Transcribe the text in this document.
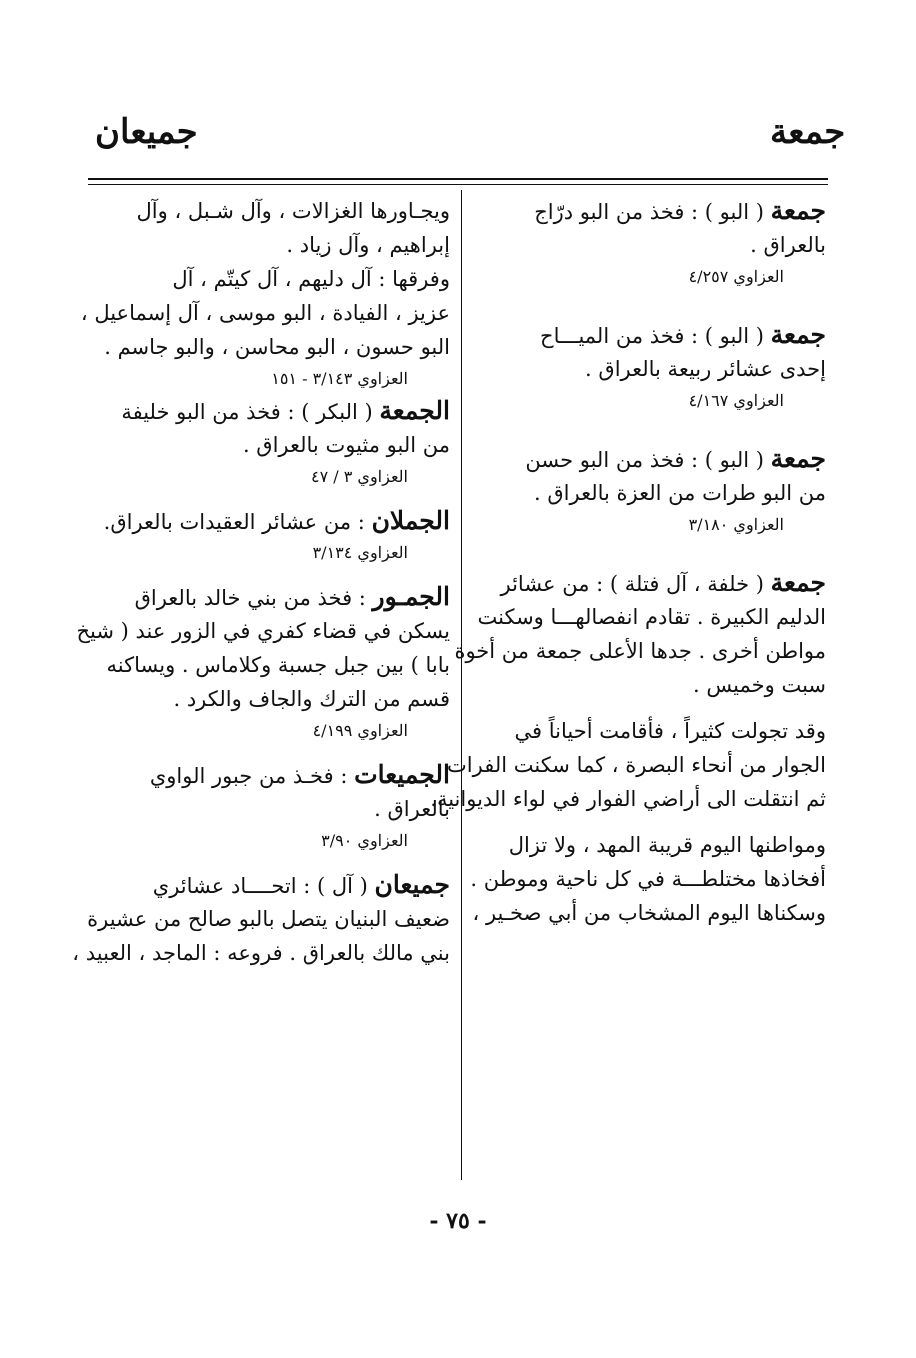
جمعة
جميعان
جمعة ( البو ) : فخذ من البو درّاج
بالعراق .
العزاوي ٤/٢٥٧
جمعة ( البو ) : فخذ من الميـــاح
إحدى عشائر ربيعة بالعراق .
العزاوي ٤/١٦٧
جمعة ( البو ) : فخذ من البو حسن
من البو طرات من العزة بالعراق .
العزاوي ٣/١٨٠
جمعة ( خلفة ، آل فتلة ) : من عشائر
الدليم الكبيرة . تقادم انفصالهـــا وسكنت
مواطن أخرى . جدها الأعلى جمعة من أخوة
سبت وخميس .
وقد تجولت كثيراً ، فأقامت أحياناً في
الجوار من أنحاء البصرة ، كما سكنت الفرات
ثم انتقلت الى أراضي الفوار في لواء الديوانية.
ومواطنها اليوم قريبة المهد ، ولا تزال
أفخاذها مختلطـــة في كل ناحية وموطن .
وسكناها اليوم المشخاب من أبي صخـير ،
ويجـاورها الغزالات ، وآل شـبل ، وآل
إبراهيم ، وآل زياد .
وفرقها : آل دليهم ، آل كيتّم ، آل
عزيز ، الفيادة ، البو موسى ، آل إسماعيل ،
البو حسون ، البو محاسن ، والبو جاسم .
العزاوي ٣/١٤٣ - ١٥١
الجمعة ( البكر ) : فخذ من البو خليفة
من البو مثيوت بالعراق .
العزاوي ٣ / ٤٧
الجملان : من عشائر العقيدات بالعراق.
العزاوي ٣/١٣٤
الجمـور : فخذ من بني خالد بالعراق
يسكن في قضاء كفري في الزور عند ( شيخ
بابا ) بين جبل جسبة وكلاماس . ويساكنه
قسم من الترك والجاف والكرد .
العزاوي ٤/١٩٩
الجميعات : فخـذ من جبور الواوي
بالعراق .
العزاوي ٣/٩٠
جميعان ( آل ) : اتحــــاد عشائري
ضعيف البنيان يتصل بالبو صالح من عشيرة
بني مالك بالعراق . فروعه : الماجد ، العبيد ،
- ٧٥ -
